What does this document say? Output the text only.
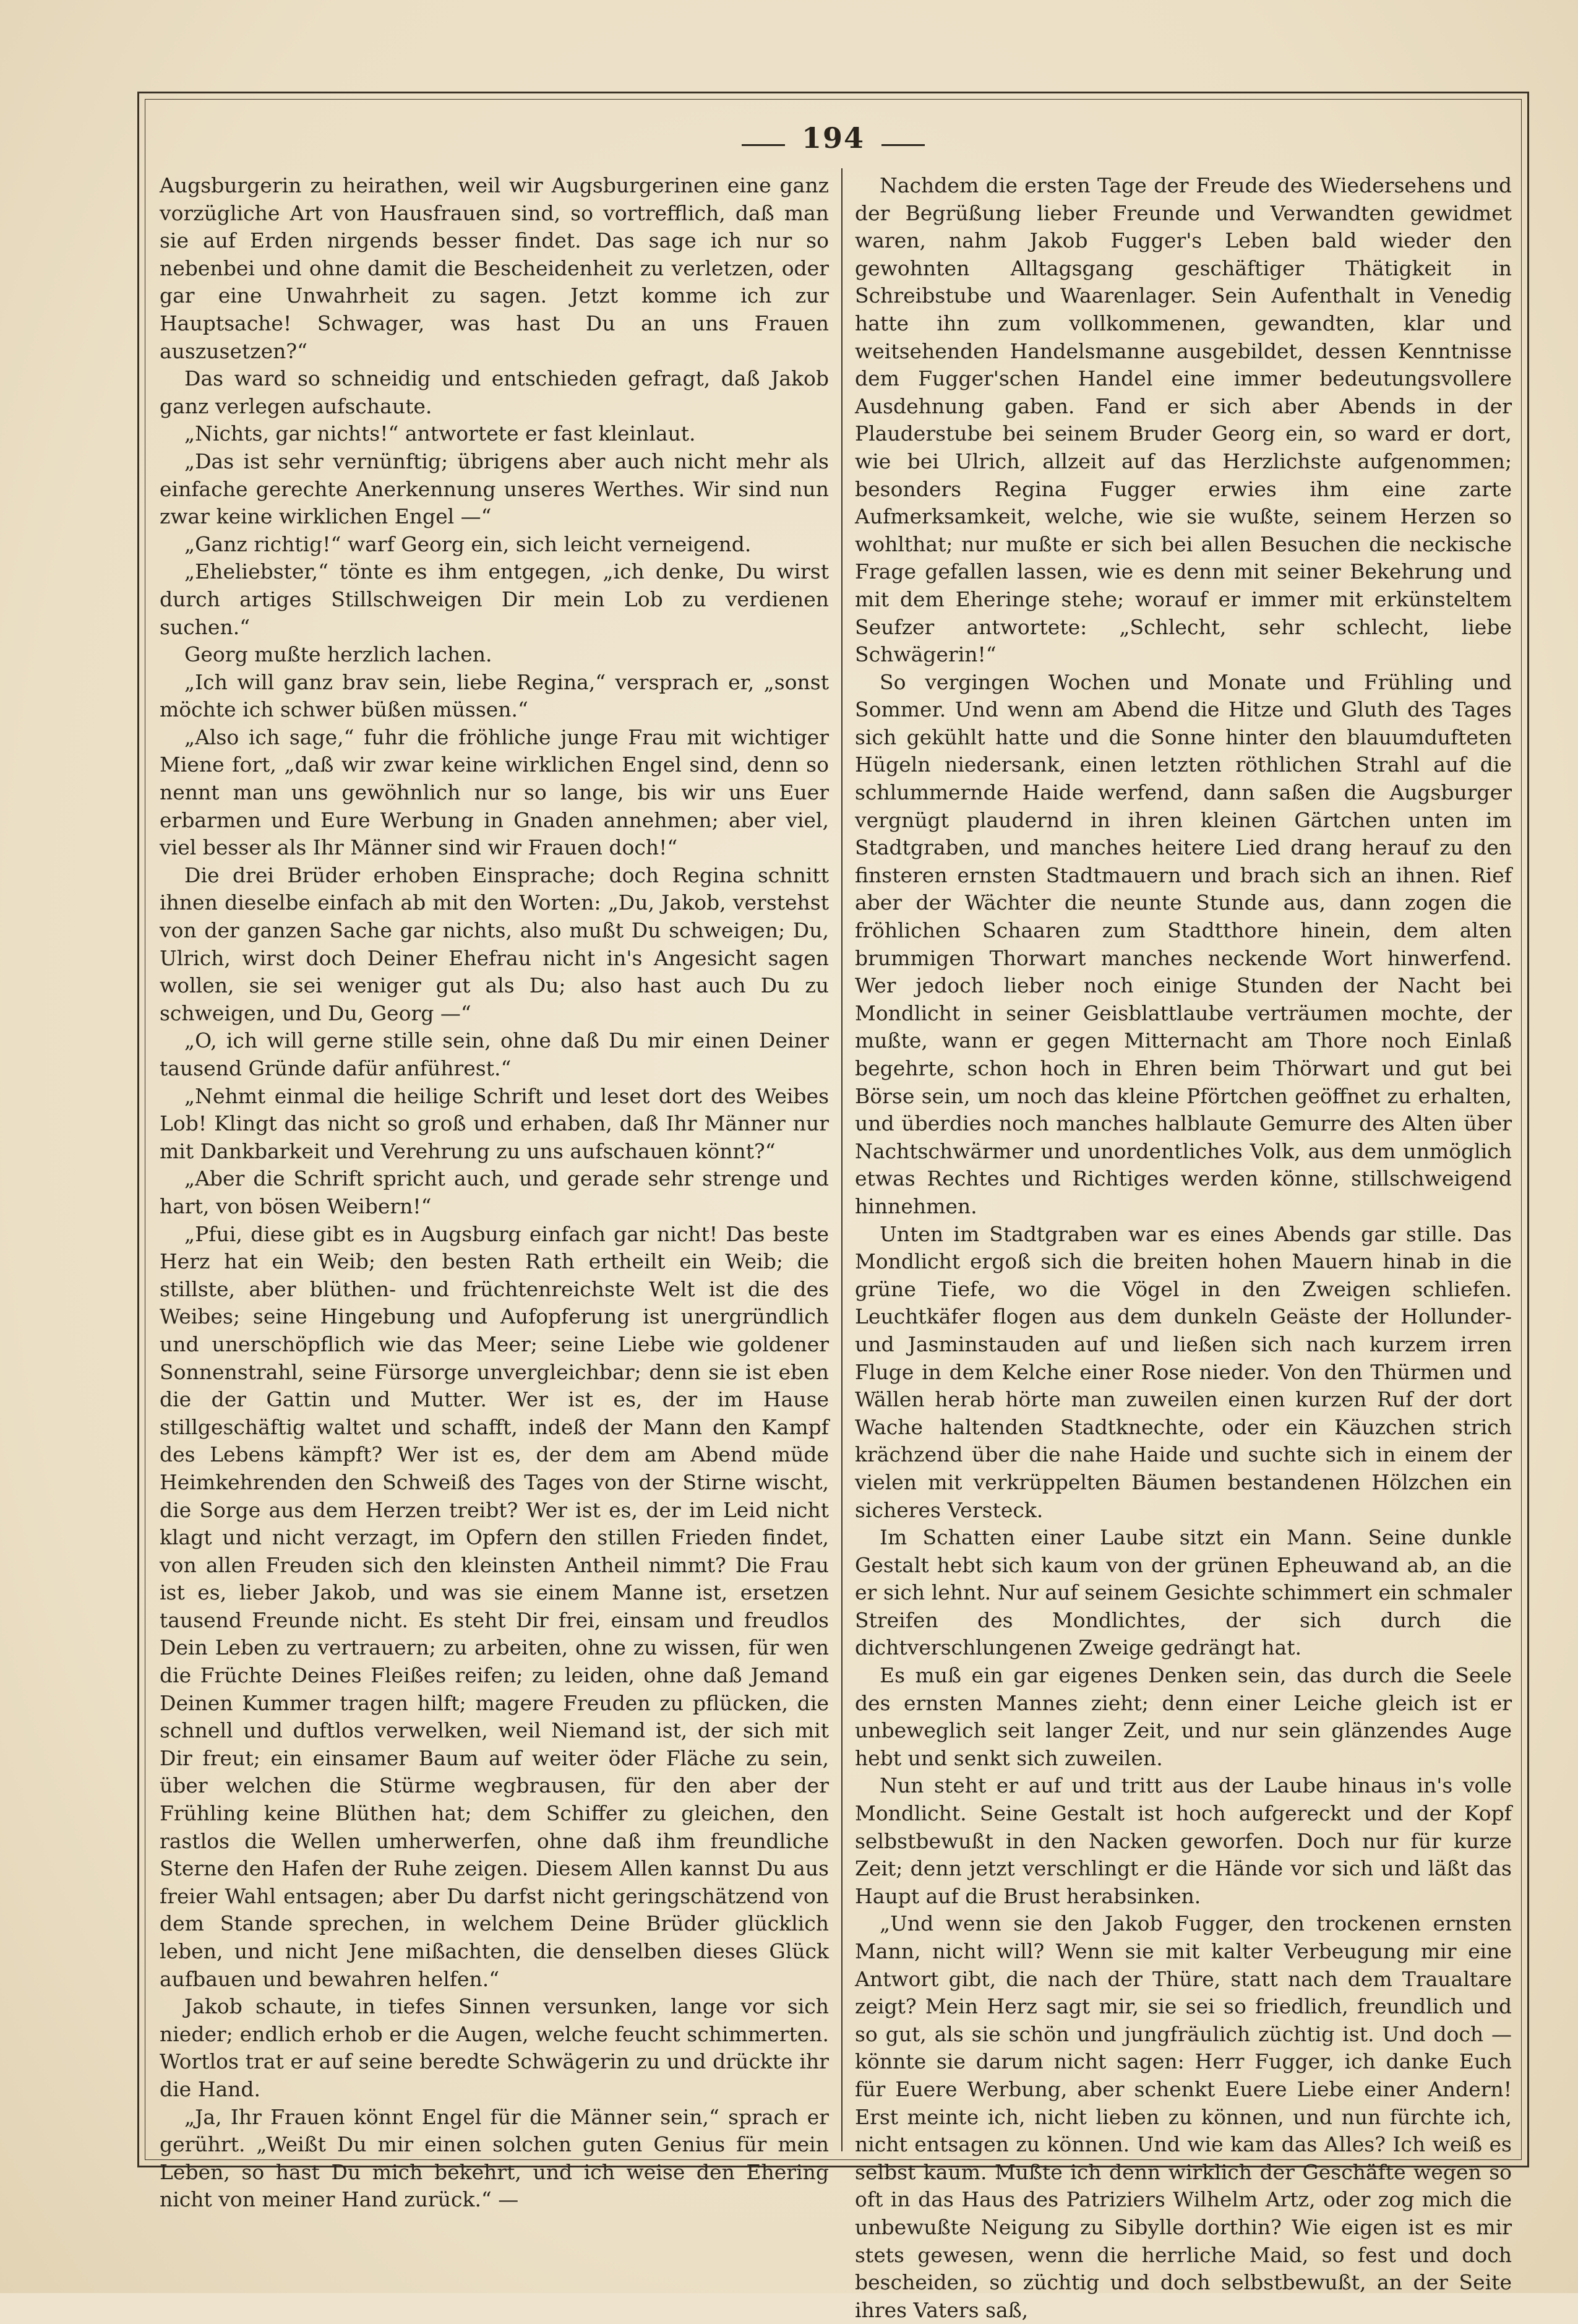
194

Augsburgerin zu heirathen, weil wir Augsburgerinen eine ganz vorzügliche Art von Hausfrauen sind, so vortrefflich, daß man sie auf Erden nirgends besser findet. Das sage ich nur so nebenbei und ohne damit die Bescheidenheit zu verletzen, oder gar eine Unwahrheit zu sagen. Jetzt komme ich zur Hauptsache! Schwager, was hast Du an uns Frauen auszusetzen?“

Das ward so schneidig und entschieden gefragt, daß Jakob ganz verlegen aufschaute.

„Nichts, gar nichts!“ antwortete er fast kleinlaut.

„Das ist sehr vernünftig; übrigens aber auch nicht mehr als einfache gerechte Anerkennung unseres Werthes. Wir sind nun zwar keine wirklichen Engel —“

„Ganz richtig!“ warf Georg ein, sich leicht verneigend.

„Eheliebster,“ tönte es ihm entgegen, „ich denke, Du wirst durch artiges Stillschweigen Dir mein Lob zu verdienen suchen.“

Georg mußte herzlich lachen.

„Ich will ganz brav sein, liebe Regina,“ versprach er, „sonst möchte ich schwer büßen müssen.“

„Also ich sage,“ fuhr die fröhliche junge Frau mit wichtiger Miene fort, „daß wir zwar keine wirklichen Engel sind, denn so nennt man uns gewöhnlich nur so lange, bis wir uns Euer erbarmen und Eure Werbung in Gnaden annehmen; aber viel, viel besser als Ihr Männer sind wir Frauen doch!“

Die drei Brüder erhoben Einsprache; doch Regina schnitt ihnen dieselbe einfach ab mit den Worten: „Du, Jakob, verstehst von der ganzen Sache gar nichts, also mußt Du schweigen; Du, Ulrich, wirst doch Deiner Ehefrau nicht in's Angesicht sagen wollen, sie sei weniger gut als Du; also hast auch Du zu schweigen, und Du, Georg —“

„O, ich will gerne stille sein, ohne daß Du mir einen Deiner tausend Gründe dafür anführest.“

„Nehmt einmal die heilige Schrift und leset dort des Weibes Lob! Klingt das nicht so groß und erhaben, daß Ihr Männer nur mit Dankbarkeit und Verehrung zu uns aufschauen könnt?“

„Aber die Schrift spricht auch, und gerade sehr strenge und hart, von bösen Weibern!“

„Pfui, diese gibt es in Augsburg einfach gar nicht! Das beste Herz hat ein Weib; den besten Rath ertheilt ein Weib; die stillste, aber blüthen- und früchtenreichste Welt ist die des Weibes; seine Hingebung und Aufopferung ist unergründlich und unerschöpflich wie das Meer; seine Liebe wie goldener Sonnenstrahl, seine Fürsorge unvergleichbar; denn sie ist eben die der Gattin und Mutter. Wer ist es, der im Hause stillgeschäftig waltet und schafft, indeß der Mann den Kampf des Lebens kämpft? Wer ist es, der dem am Abend müde Heimkehrenden den Schweiß des Tages von der Stirne wischt, die Sorge aus dem Herzen treibt? Wer ist es, der im Leid nicht klagt und nicht verzagt, im Opfern den stillen Frieden findet, von allen Freuden sich den kleinsten Antheil nimmt? Die Frau ist es, lieber Jakob, und was sie einem Manne ist, ersetzen tausend Freunde nicht. Es steht Dir frei, einsam und freudlos Dein Leben zu vertrauern; zu arbeiten, ohne zu wissen, für wen die Früchte Deines Fleißes reifen; zu leiden, ohne daß Jemand Deinen Kummer tragen hilft; magere Freuden zu pflücken, die schnell und duftlos verwelken, weil Niemand ist, der sich mit Dir freut; ein einsamer Baum auf weiter öder Fläche zu sein, über welchen die Stürme wegbrausen, für den aber der Frühling keine Blüthen hat; dem Schiffer zu gleichen, den rastlos die Wellen umherwerfen, ohne daß ihm freundliche Sterne den Hafen der Ruhe zeigen. Diesem Allen kannst Du aus freier Wahl entsagen; aber Du darfst nicht geringschätzend von dem Stande sprechen, in welchem Deine Brüder glücklich leben, und nicht Jene mißachten, die denselben dieses Glück aufbauen und bewahren helfen.“

Jakob schaute, in tiefes Sinnen versunken, lange vor sich nieder; endlich erhob er die Augen, welche feucht schimmerten. Wortlos trat er auf seine beredte Schwägerin zu und drückte ihr die Hand.

„Ja, Ihr Frauen könnt Engel für die Männer sein,“ sprach er gerührt. „Weißt Du mir einen solchen guten Genius für mein Leben, so hast Du mich bekehrt, und ich weise den Ehering nicht von meiner Hand zurück.“ —

Nachdem die ersten Tage der Freude des Wiedersehens und der Begrüßung lieber Freunde und Verwandten gewidmet waren, nahm Jakob Fugger's Leben bald wieder den gewohnten Alltagsgang geschäftiger Thätigkeit in Schreibstube und Waarenlager. Sein Aufenthalt in Venedig hatte ihn zum vollkommenen, gewandten, klar und weitsehenden Handelsmanne ausgebildet, dessen Kenntnisse dem Fugger'schen Handel eine immer bedeutungsvollere Ausdehnung gaben. Fand er sich aber Abends in der Plauderstube bei seinem Bruder Georg ein, so ward er dort, wie bei Ulrich, allzeit auf das Herzlichste aufgenommen; besonders Regina Fugger erwies ihm eine zarte Aufmerksamkeit, welche, wie sie wußte, seinem Herzen so wohlthat; nur mußte er sich bei allen Besuchen die neckische Frage gefallen lassen, wie es denn mit seiner Bekehrung und mit dem Eheringe stehe; worauf er immer mit erkünsteltem Seufzer antwortete: „Schlecht, sehr schlecht, liebe Schwägerin!“

So vergingen Wochen und Monate und Frühling und Sommer. Und wenn am Abend die Hitze und Gluth des Tages sich gekühlt hatte und die Sonne hinter den blauumdufteten Hügeln niedersank, einen letzten röthlichen Strahl auf die schlummernde Haide werfend, dann saßen die Augsburger vergnügt plaudernd in ihren kleinen Gärtchen unten im Stadtgraben, und manches heitere Lied drang herauf zu den finsteren ernsten Stadtmauern und brach sich an ihnen. Rief aber der Wächter die neunte Stunde aus, dann zogen die fröhlichen Schaaren zum Stadtthore hinein, dem alten brummigen Thorwart manches neckende Wort hinwerfend. Wer jedoch lieber noch einige Stunden der Nacht bei Mondlicht in seiner Geisblattlaube verträumen mochte, der mußte, wann er gegen Mitternacht am Thore noch Einlaß begehrte, schon hoch in Ehren beim Thörwart und gut bei Börse sein, um noch das kleine Pförtchen geöffnet zu erhalten, und überdies noch manches halblaute Gemurre des Alten über Nachtschwärmer und unordentliches Volk, aus dem unmöglich etwas Rechtes und Richtiges werden könne, stillschweigend hinnehmen.

Unten im Stadtgraben war es eines Abends gar stille. Das Mondlicht ergoß sich die breiten hohen Mauern hinab in die grüne Tiefe, wo die Vögel in den Zweigen schliefen. Leuchtkäfer flogen aus dem dunkeln Geäste der Hollunder- und Jasminstauden auf und ließen sich nach kurzem irren Fluge in dem Kelche einer Rose nieder. Von den Thürmen und Wällen herab hörte man zuweilen einen kurzen Ruf der dort Wache haltenden Stadtknechte, oder ein Käuzchen strich krächzend über die nahe Haide und suchte sich in einem der vielen mit verkrüppelten Bäumen bestandenen Hölzchen ein sicheres Versteck.

Im Schatten einer Laube sitzt ein Mann. Seine dunkle Gestalt hebt sich kaum von der grünen Epheuwand ab, an die er sich lehnt. Nur auf seinem Gesichte schimmert ein schmaler Streifen des Mondlichtes, der sich durch die dichtverschlungenen Zweige gedrängt hat.

Es muß ein gar eigenes Denken sein, das durch die Seele des ernsten Mannes zieht; denn einer Leiche gleich ist er unbeweglich seit langer Zeit, und nur sein glänzendes Auge hebt und senkt sich zuweilen.

Nun steht er auf und tritt aus der Laube hinaus in's volle Mondlicht. Seine Gestalt ist hoch aufgereckt und der Kopf selbstbewußt in den Nacken geworfen. Doch nur für kurze Zeit; denn jetzt verschlingt er die Hände vor sich und läßt das Haupt auf die Brust herabsinken.

„Und wenn sie den Jakob Fugger, den trockenen ernsten Mann, nicht will? Wenn sie mit kalter Verbeugung mir eine Antwort gibt, die nach der Thüre, statt nach dem Traualtare zeigt? Mein Herz sagt mir, sie sei so friedlich, freundlich und so gut, als sie schön und jungfräulich züchtig ist. Und doch — könnte sie darum nicht sagen: Herr Fugger, ich danke Euch für Euere Werbung, aber schenkt Euere Liebe einer Andern! Erst meinte ich, nicht lieben zu können, und nun fürchte ich, nicht entsagen zu können. Und wie kam das Alles? Ich weiß es selbst kaum. Mußte ich denn wirklich der Geschäfte wegen so oft in das Haus des Patriziers Wilhelm Artz, oder zog mich die unbewußte Neigung zu Sibylle dorthin? Wie eigen ist es mir stets gewesen, wenn die herrliche Maid, so fest und doch bescheiden, so züchtig und doch selbstbewußt, an der Seite ihres Vaters saß,
